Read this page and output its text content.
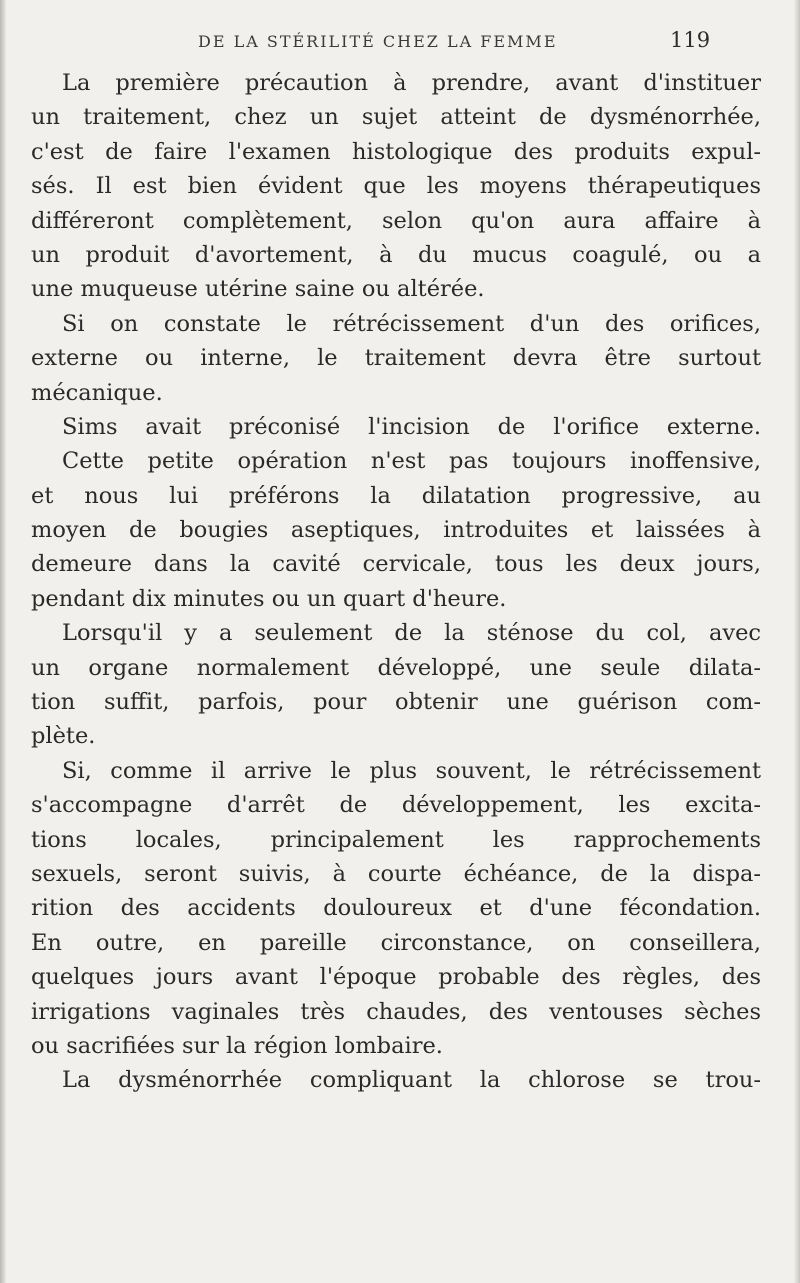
DE LA STÉRILITÉ CHEZ LA FEMME	119
La première précaution à prendre, avant d'instituer
un traitement, chez un sujet atteint de dysménorrhée,
c'est de faire l'examen histologique des produits expul-
sés. Il est bien évident que les moyens thérapeutiques
différeront complètement, selon qu'on aura affaire à
un produit d'avortement, à du mucus coagulé, ou a
une muqueuse utérine saine ou altérée.
Si on constate le rétrécissement d'un des orifices,
externe ou interne, le traitement devra être surtout
mécanique.
Sims avait préconisé l'incision de l'orifice externe.
Cette petite opération n'est pas toujours inoffensive,
et nous lui préférons la dilatation progressive, au
moyen de bougies aseptiques, introduites et laissées à
demeure dans la cavité cervicale, tous les deux jours,
pendant dix minutes ou un quart d'heure.
Lorsqu'il y a seulement de la sténose du col, avec
un organe normalement développé, une seule dilata-
tion suffit, parfois, pour obtenir une guérison com-
plète.
Si, comme il arrive le plus souvent, le rétrécissement
s'accompagne d'arrêt de développement, les excita-
tions locales, principalement les rapprochements
sexuels, seront suivis, à courte échéance, de la dispa-
rition des accidents douloureux et d'une fécondation.
En outre, en pareille circonstance, on conseillera,
quelques jours avant l'époque probable des règles, des
irrigations vaginales très chaudes, des ventouses sèches
ou sacrifiées sur la région lombaire.
La dysménorrhée compliquant la chlorose se trou-
